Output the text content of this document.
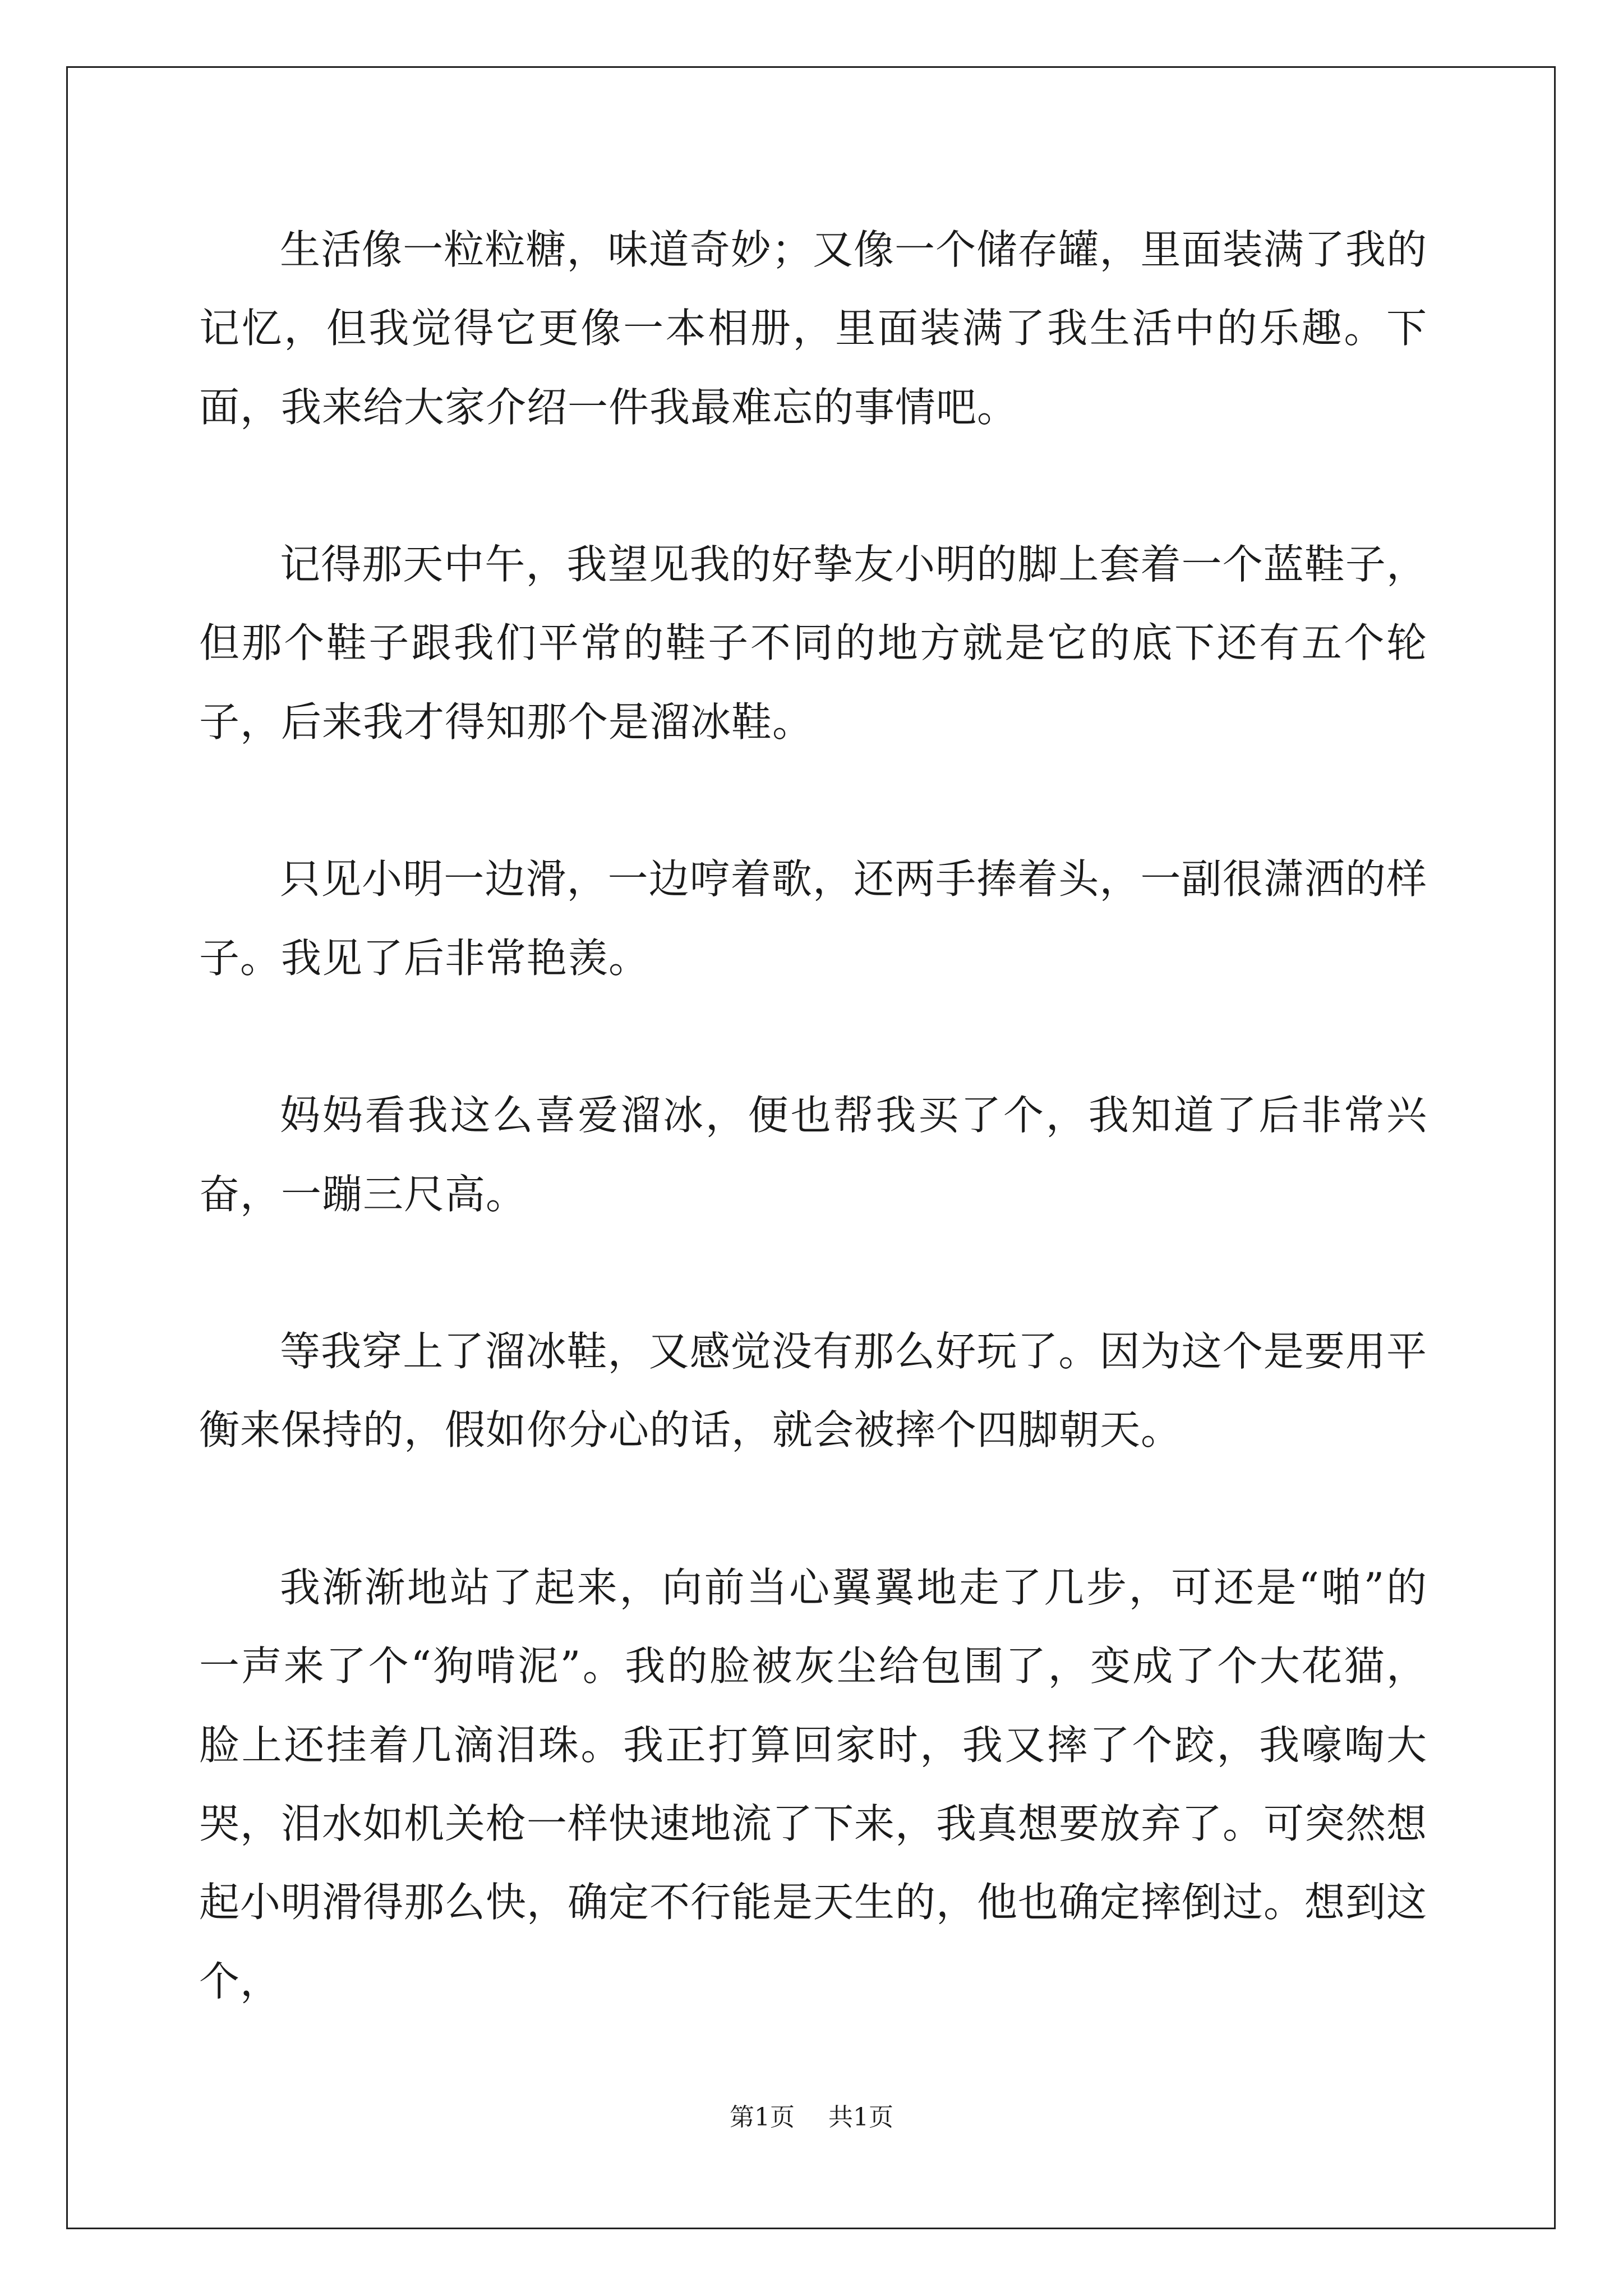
生活像一粒粒糖，味道奇妙；又像一个储存罐，里面装满了我的记忆，但我觉得它更像一本相册，里面装满了我生活中的乐趣。下面，我来给大家介绍一件我最难忘的事情吧。

记得那天中午，我望见我的好挚友小明的脚上套着一个蓝鞋子，但那个鞋子跟我们平常的鞋子不同的地方就是它的底下还有五个轮子，后来我才得知那个是溜冰鞋。

只见小明一边滑，一边哼着歌，还两手捧着头，一副很潇洒的样子。我见了后非常艳羡。

妈妈看我这么喜爱溜冰，便也帮我买了个，我知道了后非常兴奋，一蹦三尺高。

等我穿上了溜冰鞋，又感觉没有那么好玩了。因为这个是要用平衡来保持的，假如你分心的话，就会被摔个四脚朝天。

我渐渐地站了起来，向前当心翼翼地走了几步，可还是“啪”的一声来了个“狗啃泥”。我的脸被灰尘给包围了，变成了个大花猫，脸上还挂着几滴泪珠。我正打算回家时，我又摔了个跤，我嚎啕大哭，泪水如机关枪一样快速地流了下来，我真想要放弃了。可突然想起小明滑得那么快，确定不行能是天生的，他也确定摔倒过。想到这个，

第1页 共1页
